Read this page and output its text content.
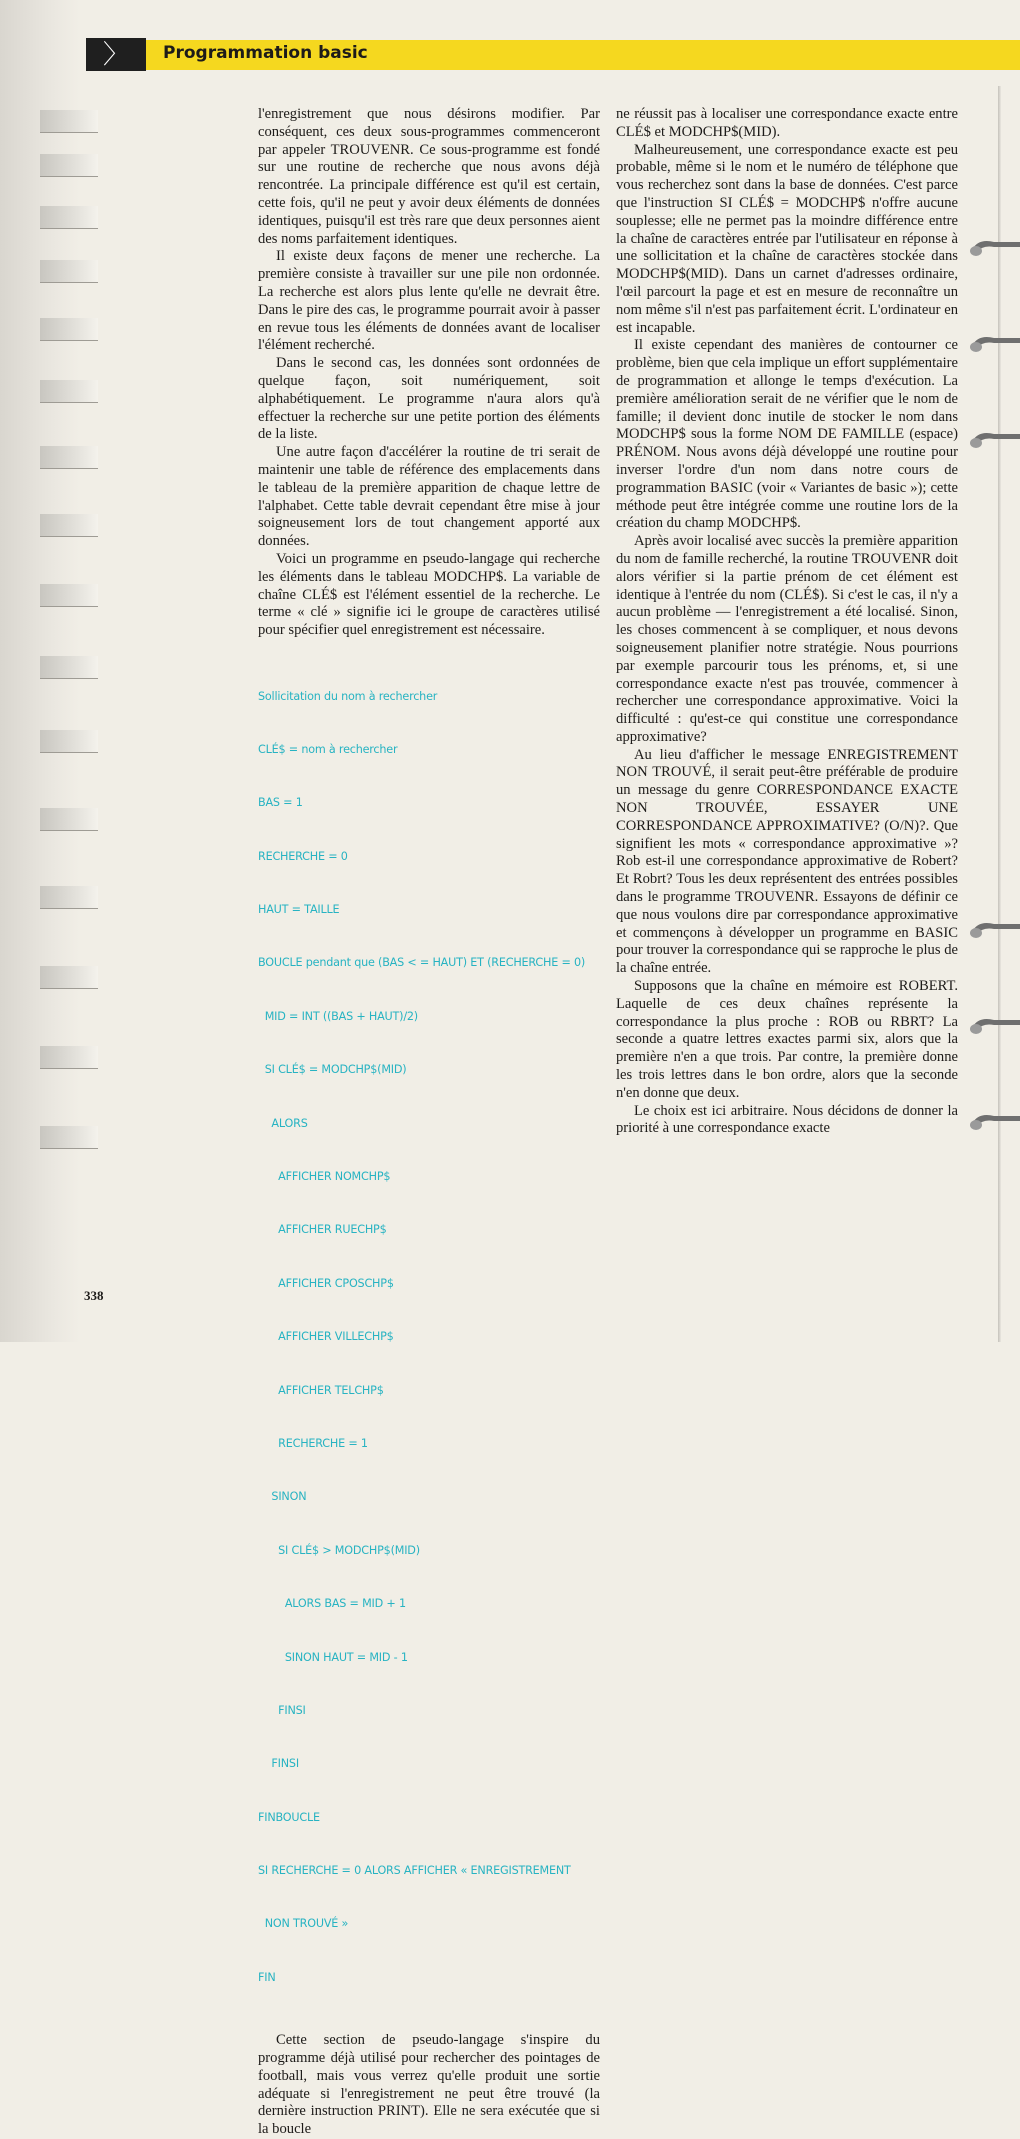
〉	Programmation basic

l'enregistrement que nous désirons modifier. Par conséquent, ces deux sous-programmes commenceront par appeler TROUVENR. Ce sous-programme est fondé sur une routine de recherche que nous avons déjà rencontrée. La principale différence est qu'il est certain, cette fois, qu'il ne peut y avoir deux éléments de données identiques, puisqu'il est très rare que deux personnes aient des noms parfaitement identiques.

Il existe deux façons de mener une recherche. La première consiste à travailler sur une pile non ordonnée. La recherche est alors plus lente qu'elle ne devrait être. Dans le pire des cas, le programme pourrait avoir à passer en revue tous les éléments de données avant de localiser l'élément recherché.

Dans le second cas, les données sont ordonnées de quelque façon, soit numériquement, soit alphabétiquement. Le programme n'aura alors qu'à effectuer la recherche sur une petite portion des éléments de la liste.

Une autre façon d'accélérer la routine de tri serait de maintenir une table de référence des emplacements dans le tableau de la première apparition de chaque lettre de l'alphabet. Cette table devrait cependant être mise à jour soigneusement lors de tout changement apporté aux données.

Voici un programme en pseudo-langage qui recherche les éléments dans le tableau MODCHP$. La variable de chaîne CLÉ$ est l'élément essentiel de la recherche. Le terme « clé » signifie ici le groupe de caractères utilisé pour spécifier quel enregistrement est nécessaire.

Sollicitation du nom à rechercher

CLÉ$ = nom à rechercher

BAS = 1

RECHERCHE = 0

HAUT = TAILLE

BOUCLE pendant que (BAS < = HAUT) ET (RECHERCHE = 0)

MID = INT ((BAS + HAUT)/2)

SI CLÉ$ = MODCHP$(MID)

ALORS

AFFICHER NOMCHP$

AFFICHER RUECHP$

AFFICHER CPOSCHP$

AFFICHER VILLECHP$

AFFICHER TELCHP$

RECHERCHE = 1

SINON

SI CLÉ$ > MODCHP$(MID)

ALORS BAS = MID + 1

SINON HAUT = MID - 1

FINSI

FINSI

FINBOUCLE

SI RECHERCHE = 0 ALORS AFFICHER « ENREGISTREMENT

NON TROUVÉ »

FIN

Cette section de pseudo-langage s'inspire du programme déjà utilisé pour rechercher des pointages de football, mais vous verrez qu'elle produit une sortie adéquate si l'enregistrement ne peut être trouvé (la dernière instruction PRINT). Elle ne sera exécutée que si la boucle

ne réussit pas à localiser une correspondance exacte entre CLÉ$ et MODCHP$(MID).

Malheureusement, une correspondance exacte est peu probable, même si le nom et le numéro de téléphone que vous recherchez sont dans la base de données. C'est parce que l'instruction SI CLÉ$ = MODCHP$ n'offre aucune souplesse; elle ne permet pas la moindre différence entre la chaîne de caractères entrée par l'utilisateur en réponse à une sollicitation et la chaîne de caractères stockée dans MODCHP$(MID). Dans un carnet d'adresses ordinaire, l'œil parcourt la page et est en mesure de reconnaître un nom même s'il n'est pas parfaitement écrit. L'ordinateur en est incapable.

Il existe cependant des manières de contourner ce problème, bien que cela implique un effort supplémentaire de programmation et allonge le temps d'exécution. La première amélioration serait de ne vérifier que le nom de famille; il devient donc inutile de stocker le nom dans MODCHP$ sous la forme NOM DE FAMILLE (espace) PRÉNOM. Nous avons déjà développé une routine pour inverser l'ordre d'un nom dans notre cours de programmation BASIC (voir « Variantes de basic »); cette méthode peut être intégrée comme une routine lors de la création du champ MODCHP$.

Après avoir localisé avec succès la première apparition du nom de famille recherché, la routine TROUVENR doit alors vérifier si la partie prénom de cet élément est identique à l'entrée du nom (CLÉ$). Si c'est le cas, il n'y a aucun problème — l'enregistrement a été localisé. Sinon, les choses commencent à se compliquer, et nous devons soigneusement planifier notre stratégie. Nous pourrions par exemple parcourir tous les prénoms, et, si une correspondance exacte n'est pas trouvée, commencer à rechercher une correspondance approximative. Voici la difficulté : qu'est-ce qui constitue une correspondance approximative?

Au lieu d'afficher le message ENREGISTREMENT NON TROUVÉ, il serait peut-être préférable de produire un message du genre CORRESPONDANCE EXACTE NON TROUVÉE, ESSAYER UNE CORRESPONDANCE APPROXIMATIVE? (O/N)?. Que signifient les mots « correspondance approximative »? Rob est-il une correspondance approximative de Robert? Et Robrt? Tous les deux représentent des entrées possibles dans le programme TROUVENR. Essayons de définir ce que nous voulons dire par correspondance approximative et commençons à développer un programme en BASIC pour trouver la correspondance qui se rapproche le plus de la chaîne entrée.

Supposons que la chaîne en mémoire est ROBERT. Laquelle de ces deux chaînes représente la correspondance la plus proche : ROB ou RBRT? La seconde a quatre lettres exactes parmi six, alors que la première n'en a que trois. Par contre, la première donne les trois lettres dans le bon ordre, alors que la seconde n'en donne que deux.

Le choix est ici arbitraire. Nous décidons de donner la priorité à une correspondance exacte

338
